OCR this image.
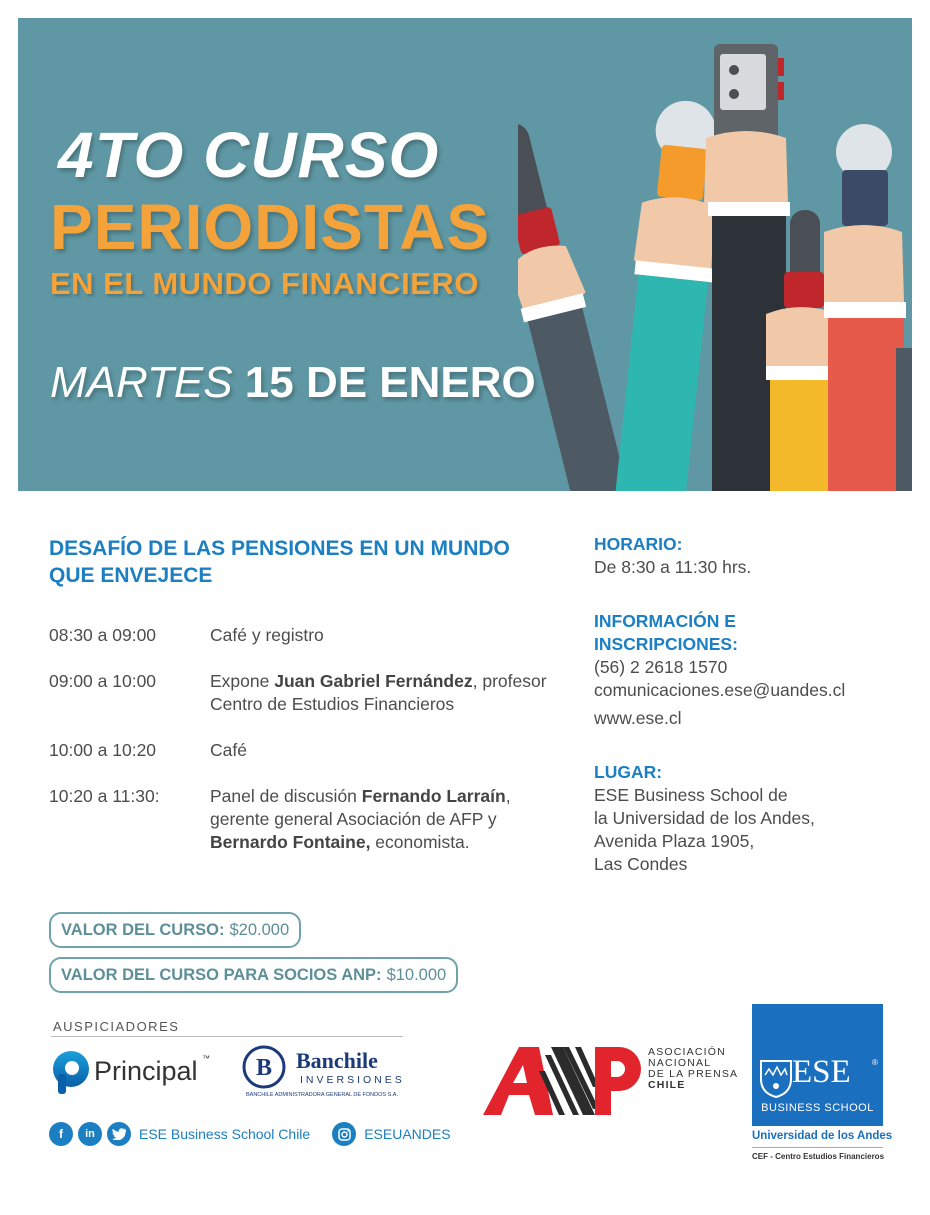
4TO CURSO
PERIODISTAS
EN EL MUNDO FINANCIERO
MARTES 15 DE ENERO
DESAFÍO DE LAS PENSIONES EN UN MUNDO QUE ENVEJECE
08:30 a 09:00	Café y registro
09:00 a 10:00	Expone Juan Gabriel Fernández, profesor Centro de Estudios Financieros
10:00 a 10:20	Café
10:20 a 11:30:	Panel de discusión Fernando Larraín, gerente general Asociación de AFP y Bernardo Fontaine, economista.
HORARIO:
De 8:30 a 11:30 hrs.
INFORMACIÓN E
INSCRIPCIONES:
(56) 2 2618 1570
comunicaciones.ese@uandes.cl
www.ese.cl
LUGAR:
ESE Business School de
la Universidad de los Andes,
Avenida Plaza 1905,
Las Condes
VALOR DEL CURSO: $20.000
VALOR DEL CURSO PARA SOCIOS ANP: $10.000
AUSPICIADORES
Principal ™ B Banchile
INVERSIONES
BANCHILE ADMINISTRADORA GENERAL DE FONDOS S.A.
ASOCIACIÓN
NACIONAL
DE LA PRENSA
CHILE	ESE	®
BUSINESS SCHOOL
Universidad de los Andes
CEF - Centro Estudios Financieros
f	in	ESE Business School Chile	ESEUANDES
